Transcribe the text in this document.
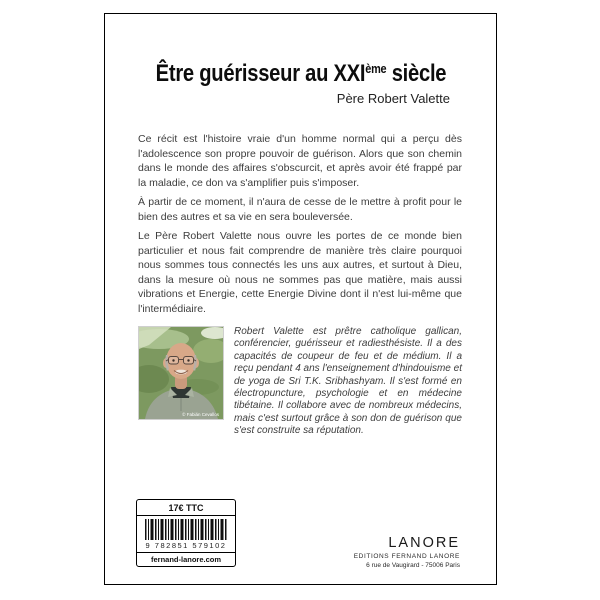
Être guérisseur au XXIème siècle
Père Robert Valette

Ce récit est l'histoire vraie d'un homme normal qui a perçu dès l'adolescence son propre pouvoir de guérison. Alors que son chemin dans le monde des affaires s'obscurcit, et après avoir été frappé par la maladie, ce don va s'amplifier puis s'imposer.

À partir de ce moment, il n'aura de cesse de le mettre à profit pour le bien des autres et sa vie en sera bouleversée.

Le Père Robert Valette nous ouvre les portes de ce monde bien particulier et nous fait comprendre de manière très claire pourquoi nous sommes tous connectés les uns aux autres, et surtout à Dieu, dans la mesure où nous ne sommes pas que matière, mais aussi vibrations et Energie, cette Energie Divine dont il n'est lui-même que l'intermédiaire.

© Fabián Cevallos
Robert Valette est prêtre catholique gallican, conférencier, guérisseur et radiesthésiste. Il a des capacités de coupeur de feu et de médium. Il a reçu pendant 4 ans l'enseignement d'hindouisme et de yoga de Sri T.K. Sribhashyam. Il s'est formé en électropuncture, psychologie et en médecine tibétaine. Il collabore avec de nombreux médecins, mais c'est surtout grâce à son don de guérison que s'est construite sa réputation.
17€ TTC
9 782851 579102
fernand-lanore.com
LANORE
EDITIONS FERNAND LANORE
6 rue de Vaugirard - 75006 Paris
